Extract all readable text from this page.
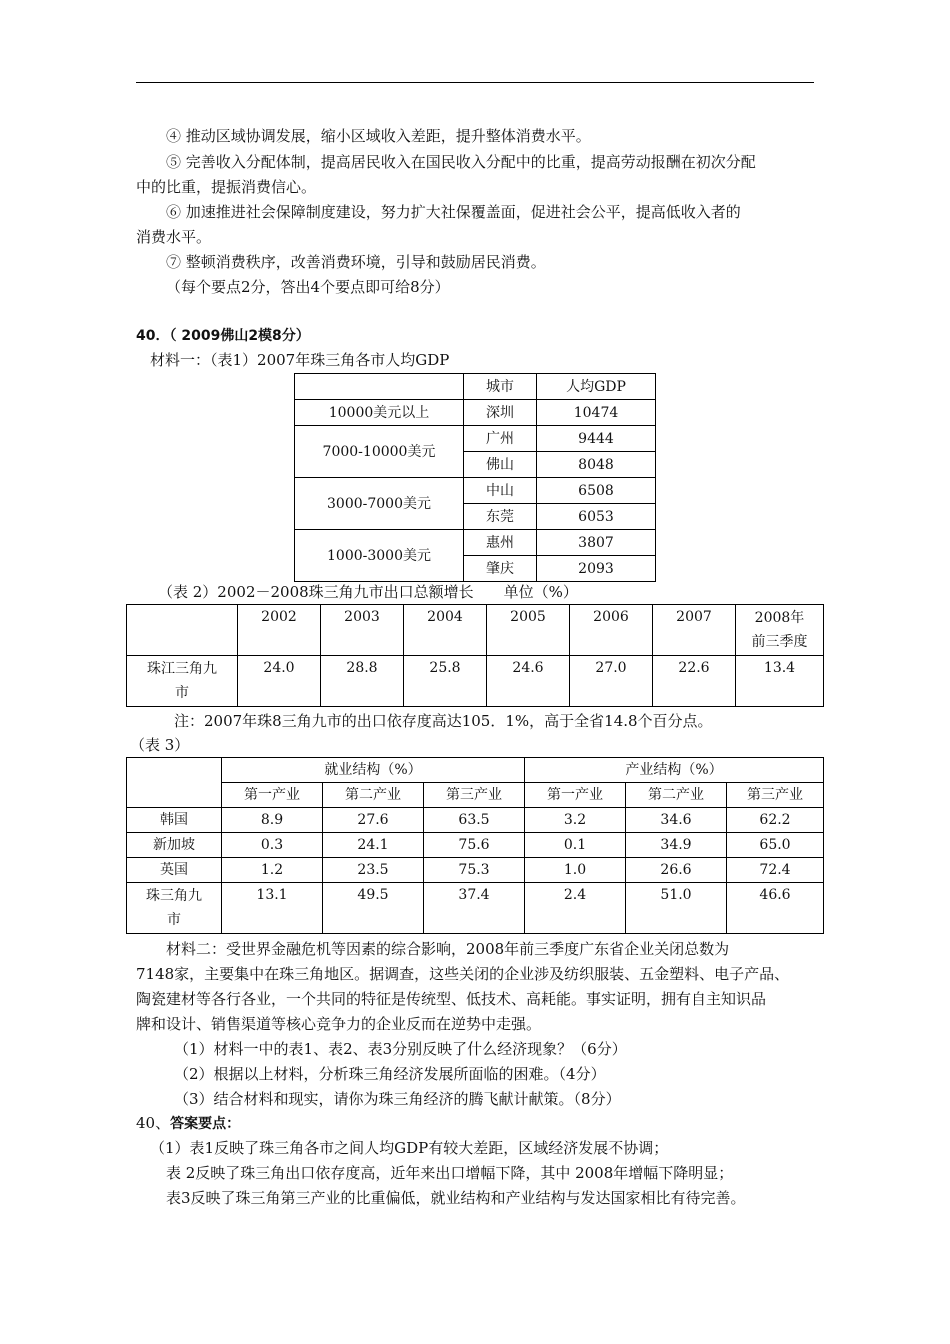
④ 推动区域协调发展，缩小区域收入差距，提升整体消费水平。
⑤ 完善收入分配体制，提高居民收入在国民收入分配中的比重，提高劳动报酬在初次分配
中的比重，提振消费信心。
⑥ 加速推进社会保障制度建设，努力扩大社保覆盖面，促进社会公平，提高低收入者的
消费水平。
⑦ 整顿消费秩序，改善消费环境，引导和鼓励居民消费。
（每个要点2分，答出4个要点即可给8分）
40．（ 2009佛山2模8分）
材料一：（表1）2007年珠三角各市人均GDP
	城市	人均GDP
10000美元以上	深圳	10474
7000-10000美元	广州	9444
	佛山	8048
3000-7000美元	中山	6508
	东莞	6053
1000-3000美元	惠州	3807
	肇庆	2093
（表 2）2002－2008珠三角九市出口总额增长　　单位（%）
	2002	2003	2004	2005	2006	2007	2008年
前三季度

珠江三角九
市	24.0	28.8	25.8	24.6	27.0	22.6	13.4
注：2007年珠8三角九市的出口依存度高达105．1%，高于全省14.8个百分点。
（表 3）
	就业结构（%）			产业结构（%）		
	第一产业	第二产业	第三产业	第一产业	第二产业	第三产业
韩国	8.9	27.6	63.5	3.2	34.6	62.2
新加坡	0.3	24.1	75.6	0.1	34.9	65.0
英国	1.2	23.5	75.3	1.0	26.6	72.4

珠三角九
市	13.1	49.5	37.4	2.4	51.0	46.6
材料二：受世界金融危机等因素的综合影响，2008年前三季度广东省企业关闭总数为
7148家，主要集中在珠三角地区。据调查，这些关闭的企业涉及纺织服装、五金塑料、电子产品、
陶瓷建材等各行各业，一个共同的特征是传统型、低技术、高耗能。事实证明，拥有自主知识品
牌和设计、销售渠道等核心竞争力的企业反而在逆势中走强。
（1）材料一中的表1、表2、表3分别反映了什么经济现象？（6分）
（2）根据以上材料，分析珠三角经济发展所面临的困难。（4分）
（3）结合材料和现实，请你为珠三角经济的腾飞献计献策。（8分）
40、答案要点：
（1）表1反映了珠三角各市之间人均GDP有较大差距，区域经济发展不协调；
表 2反映了珠三角出口依存度高，近年来出口增幅下降，其中 2008年增幅下降明显；
表3反映了珠三角第三产业的比重偏低，就业结构和产业结构与发达国家相比有待完善。
